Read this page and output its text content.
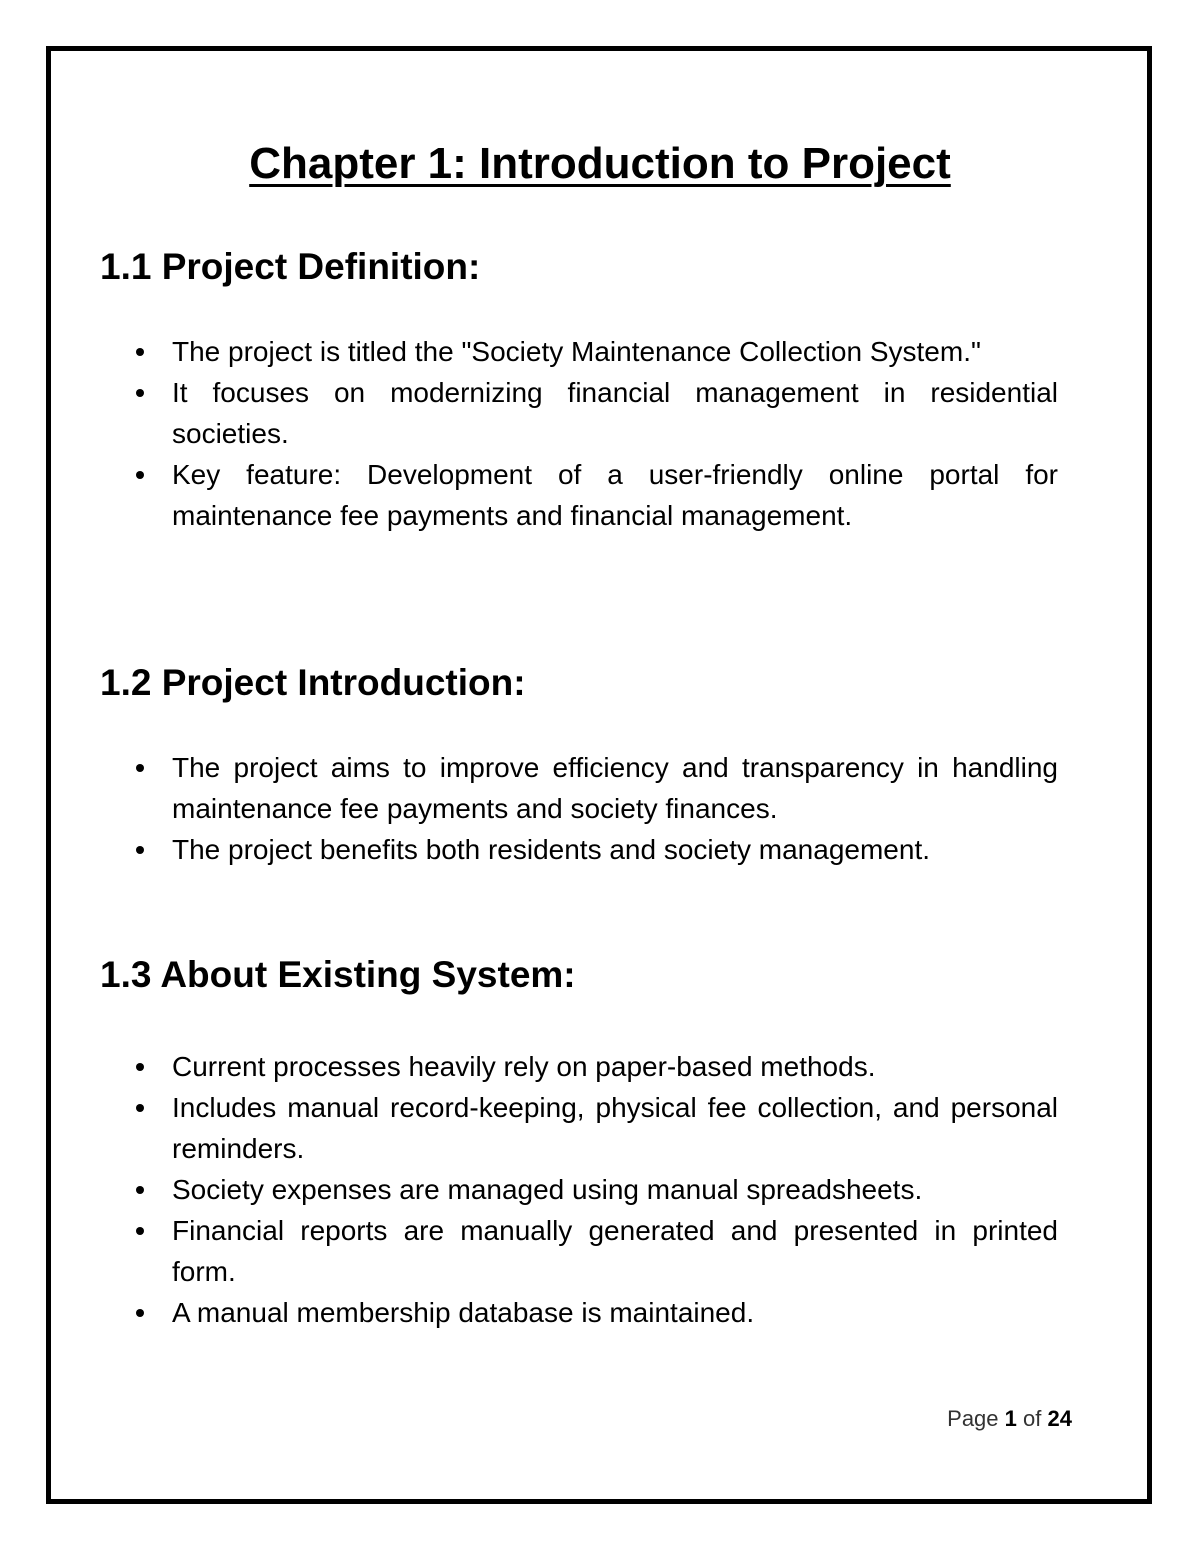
Chapter 1: Introduction to Project
1.1 Project Definition:
The project is titled the "Society Maintenance Collection System."
It focuses on modernizing financial management in residential societies.
Key feature: Development of a user-friendly online portal for maintenance fee payments and financial management.
1.2 Project Introduction:
The project aims to improve efficiency and transparency in handling maintenance fee payments and society finances.
The project benefits both residents and society management.
1.3 About Existing System:
Current processes heavily rely on paper-based methods.
Includes manual record-keeping, physical fee collection, and personal reminders.
Society expenses are managed using manual spreadsheets.
Financial reports are manually generated and presented in printed form.
A manual membership database is maintained.
Page 1 of 24
